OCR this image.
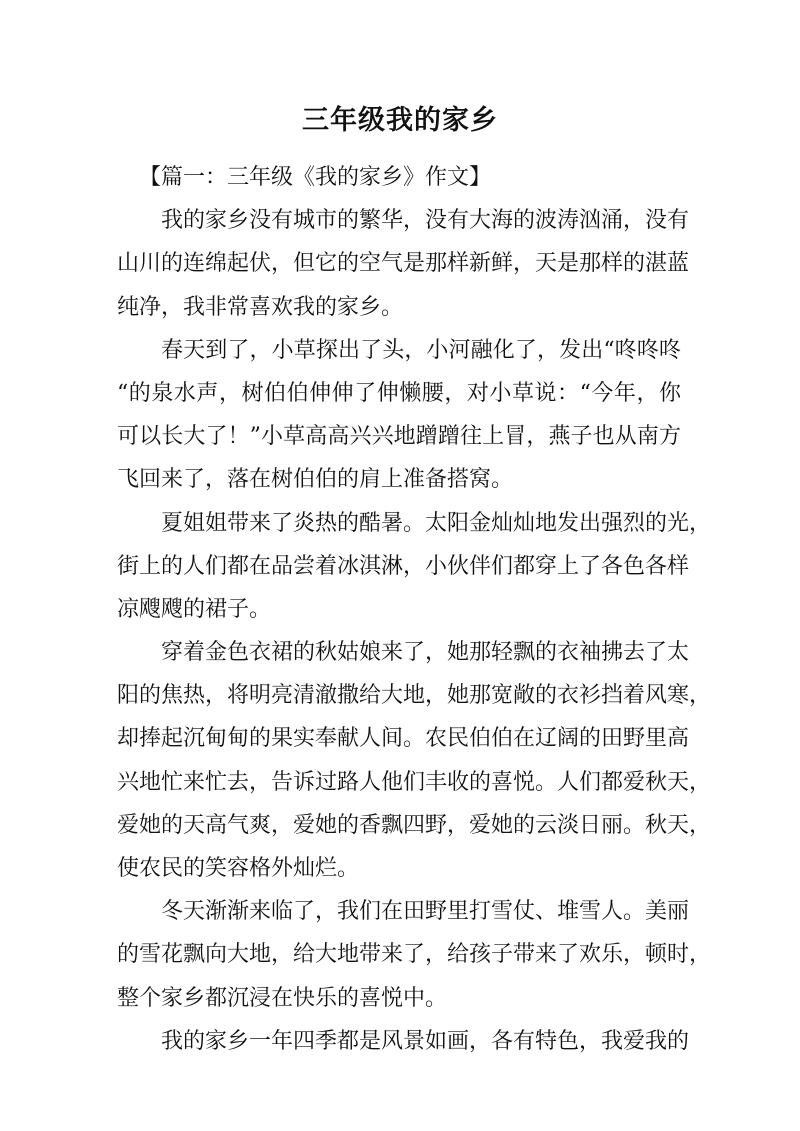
三年级我的家乡
【篇一：三年级《我的家乡》作文】
我的家乡没有城市的繁华，没有大海的波涛汹涌，没有
山川的连绵起伏，但它的空气是那样新鲜，天是那样的湛蓝
纯净，我非常喜欢我的家乡。
春天到了，小草探出了头，小河融化了，发出“咚咚咚
“的泉水声，树伯伯伸伸了伸懒腰，对小草说：“今年，你
可以长大了！”小草高高兴兴地蹭蹭往上冒，燕子也从南方
飞回来了，落在树伯伯的肩上准备搭窝。
夏姐姐带来了炎热的酷暑。太阳金灿灿地发出强烈的光，
街上的人们都在品尝着冰淇淋，小伙伴们都穿上了各色各样
凉飕飕的裙子。
穿着金色衣裙的秋姑娘来了，她那轻飘的衣袖拂去了太
阳的焦热，将明亮清澈撒给大地，她那宽敞的衣衫挡着风寒，
却捧起沉甸甸的果实奉献人间。农民伯伯在辽阔的田野里高
兴地忙来忙去，告诉过路人他们丰收的喜悦。人们都爱秋天，
爱她的天高气爽，爱她的香飘四野，爱她的云淡日丽。秋天，
使农民的笑容格外灿烂。
冬天渐渐来临了，我们在田野里打雪仗、堆雪人。美丽
的雪花飘向大地，给大地带来了，给孩子带来了欢乐，顿时，
整个家乡都沉浸在快乐的喜悦中。
我的家乡一年四季都是风景如画，各有特色，我爱我的
